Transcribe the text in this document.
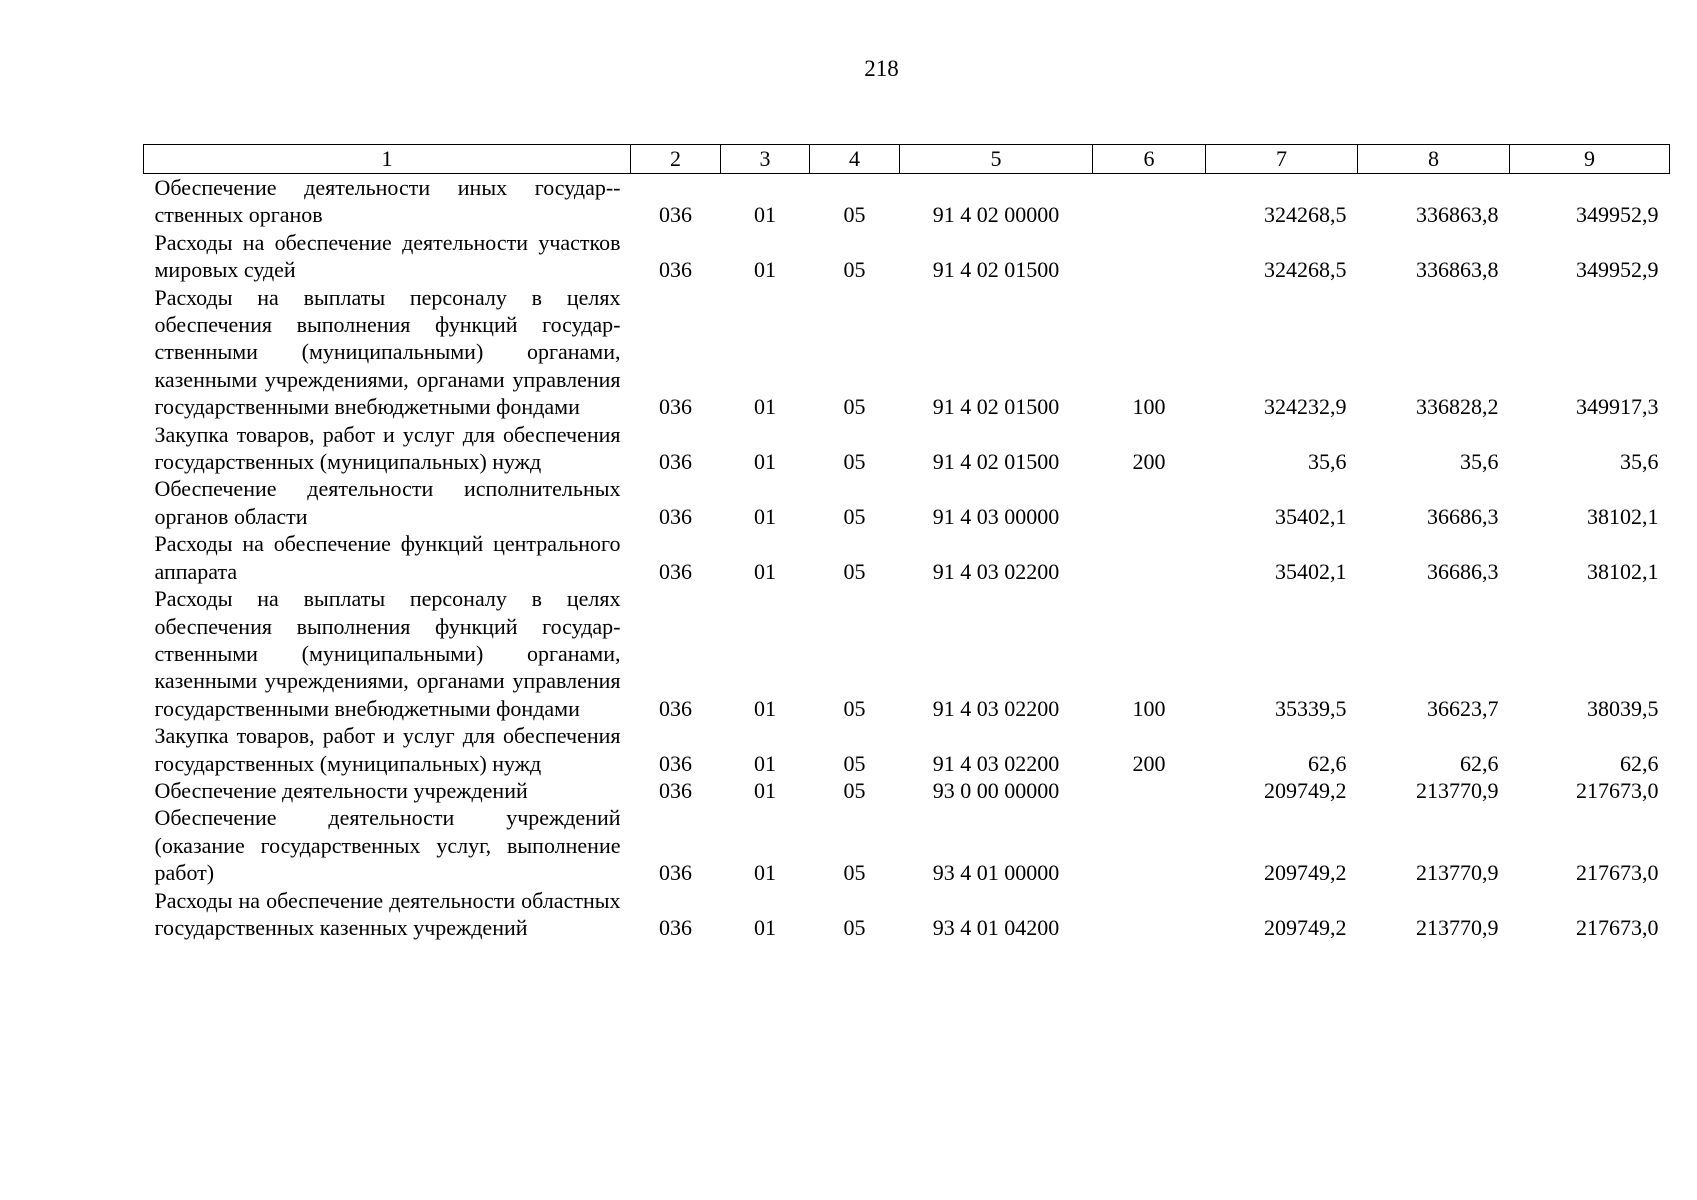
218
1	2	3	4	5	6	7	8	9
Обеспечение деятельности иных государ-ственных органов	036	01	05	91 4 02 00000		324268,5	336863,8	349952,9
Расходы на обеспечение деятельности участков мировых судей	036	01	05	91 4 02 01500		324268,5	336863,8	349952,9
Расходы на выплаты персоналу в целях обеспечения выполнения функций государственными (муниципальными) органами, казенными учреждениями, органами управления государственными внебюджетными фондами	036	01	05	91 4 02 01500	100	324232,9	336828,2	349917,3
Закупка товаров, работ и услуг для обеспечения государственных (муниципальных) нужд	036	01	05	91 4 02 01500	200	35,6	35,6	35,6
Обеспечение деятельности исполнительных органов области	036	01	05	91 4 03 00000		35402,1	36686,3	38102,1
Расходы на обеспечение функций центрального аппарата	036	01	05	91 4 03 02200		35402,1	36686,3	38102,1
Расходы на выплаты персоналу в целях обеспечения выполнения функций государственными (муниципальными) органами, казенными учреждениями, органами управления государственными внебюджетными фондами	036	01	05	91 4 03 02200	100	35339,5	36623,7	38039,5
Закупка товаров, работ и услуг для обеспечения государственных (муниципальных) нужд	036	01	05	91 4 03 02200	200	62,6	62,6	62,6
Обеспечение деятельности учреждений	036	01	05	93 0 00 00000		209749,2	213770,9	217673,0
Обеспечение деятельности учреждений (оказание государственных услуг, выполнение работ)	036	01	05	93 4 01 00000		209749,2	213770,9	217673,0
Расходы на обеспечение деятельности областных государственных казенных учреждений	036	01	05	93 4 01 04200		209749,2	213770,9	217673,0
